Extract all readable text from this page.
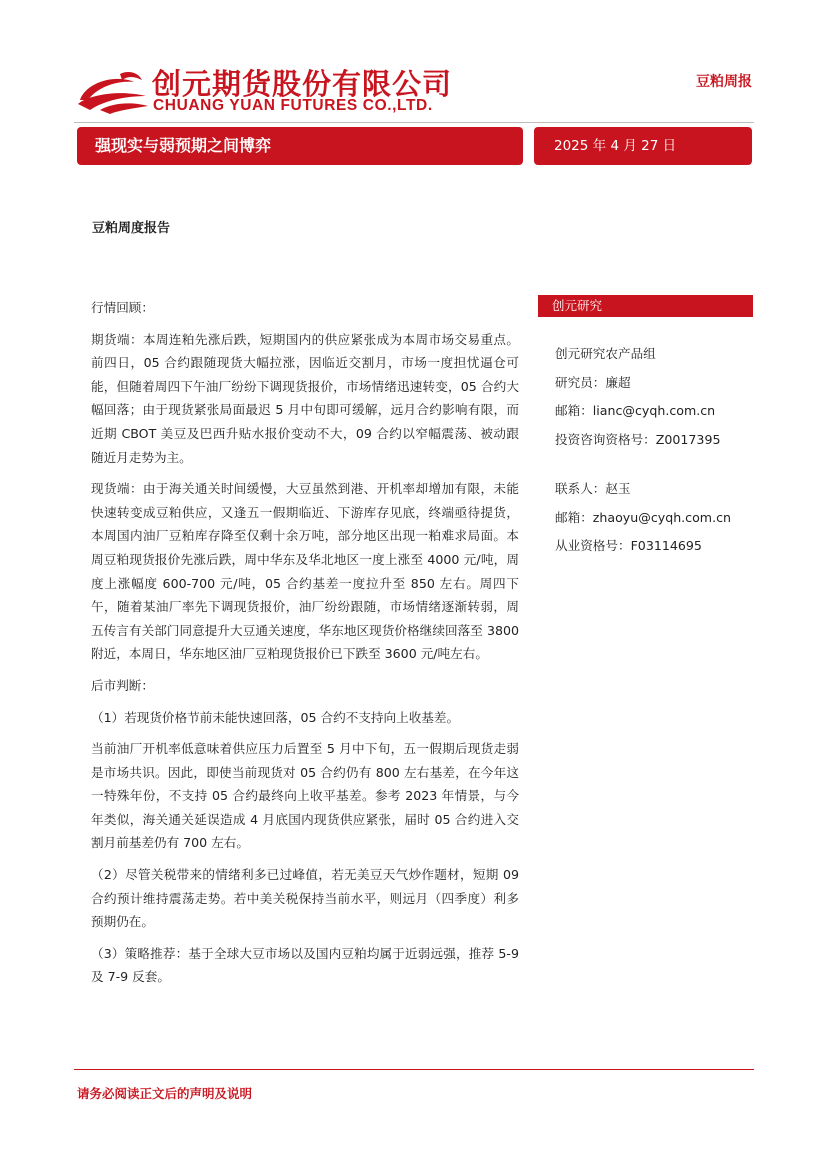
创元期货股份有限公司
CHUANG YUAN FUTURES CO.,LTD.
豆粕周报
强现实与弱预期之间博弈	2025 年 4 月 27 日
豆粕周度报告

行情回顾：

期货端：本周连粕先涨后跌，短期国内的供应紧张成为本周市场交易重点。前四日，05 合约跟随现货大幅拉涨，因临近交割月，市场一度担忧逼仓可能，但随着周四下午油厂纷纷下调现货报价，市场情绪迅速转变，05 合约大幅回落；由于现货紧张局面最迟 5 月中旬即可缓解，远月合约影响有限，而近期 CBOT 美豆及巴西升贴水报价变动不大，09 合约以窄幅震荡、被动跟随近月走势为主。

现货端：由于海关通关时间缓慢，大豆虽然到港、开机率却增加有限，未能快速转变成豆粕供应，又逢五一假期临近、下游库存见底，终端亟待提货，本周国内油厂豆粕库存降至仅剩十余万吨，部分地区出现一粕难求局面。本周豆粕现货报价先涨后跌，周中华东及华北地区一度上涨至 4000 元/吨，周度上涨幅度 600-700 元/吨，05 合约基差一度拉升至 850 左右。周四下午，随着某油厂率先下调现货报价，油厂纷纷跟随，市场情绪逐渐转弱，周五传言有关部门同意提升大豆通关速度，华东地区现货价格继续回落至 3800 附近，本周日，华东地区油厂豆粕现货报价已下跌至 3600 元/吨左右。

后市判断：

（1）若现货价格节前未能快速回落，05 合约不支持向上收基差。

当前油厂开机率低意味着供应压力后置至 5 月中下旬，五一假期后现货走弱是市场共识。因此，即使当前现货对 05 合约仍有 800 左右基差，在今年这一特殊年份，不支持 05 合约最终向上收平基差。参考 2023 年情景，与今年类似，海关通关延误造成 4 月底国内现货供应紧张，届时 05 合约进入交割月前基差仍有 700 左右。

（2）尽管关税带来的情绪利多已过峰值，若无美豆天气炒作题材，短期 09 合约预计维持震荡走势。若中美关税保持当前水平，则远月（四季度）利多预期仍在。

（3）策略推荐：基于全球大豆市场以及国内豆粕均属于近弱远强，推荐 5-9 及 7-9 反套。

创元研究
创元研究农产品组
研究员：廉超
邮箱：lianc@cyqh.com.cn
投资咨询资格号：Z0017395
联系人：赵玉
邮箱：zhaoyu@cyqh.com.cn
从业资格号：F03114695
请务必阅读正文后的声明及说明
